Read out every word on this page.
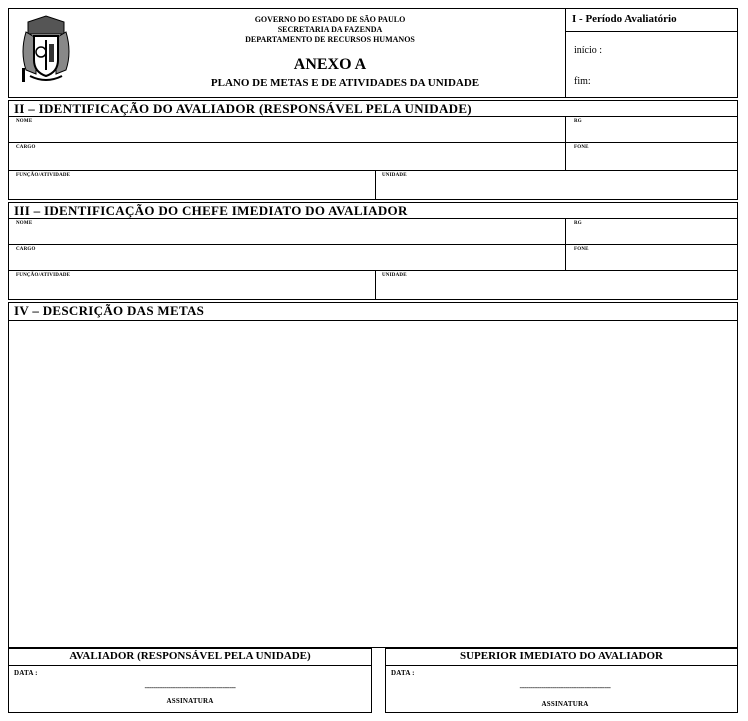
GOVERNO DO ESTADO DE SÃO PAULO
SECRETARIA DA FAZENDA
DEPARTAMENTO DE RECURSOS HUMANOS
ANEXO A
PLANO DE METAS E DE ATIVIDADES DA UNIDADE
I - Período Avaliatório
início :
fim:
II – IDENTIFICAÇÃO DO AVALIADOR (RESPONSÁVEL PELA UNIDADE)
NOME	RG
CARGO	FONE
FUNÇÃO/ATIVIDADE	UNIDADE
III – IDENTIFICAÇÃO DO CHEFE IMEDIATO DO AVALIADOR
NOME	RG
CARGO	FONE
FUNÇÃO/ATIVIDADE	UNIDADE
IV – DESCRIÇÃO DAS METAS
AVALIADOR (RESPONSÁVEL PELA UNIDADE)
DATA :
------------------------------------------
ASSINATURA
SUPERIOR IMEDIATO DO AVALIADOR
DATA :
------------------------------------------
ASSINATURA
